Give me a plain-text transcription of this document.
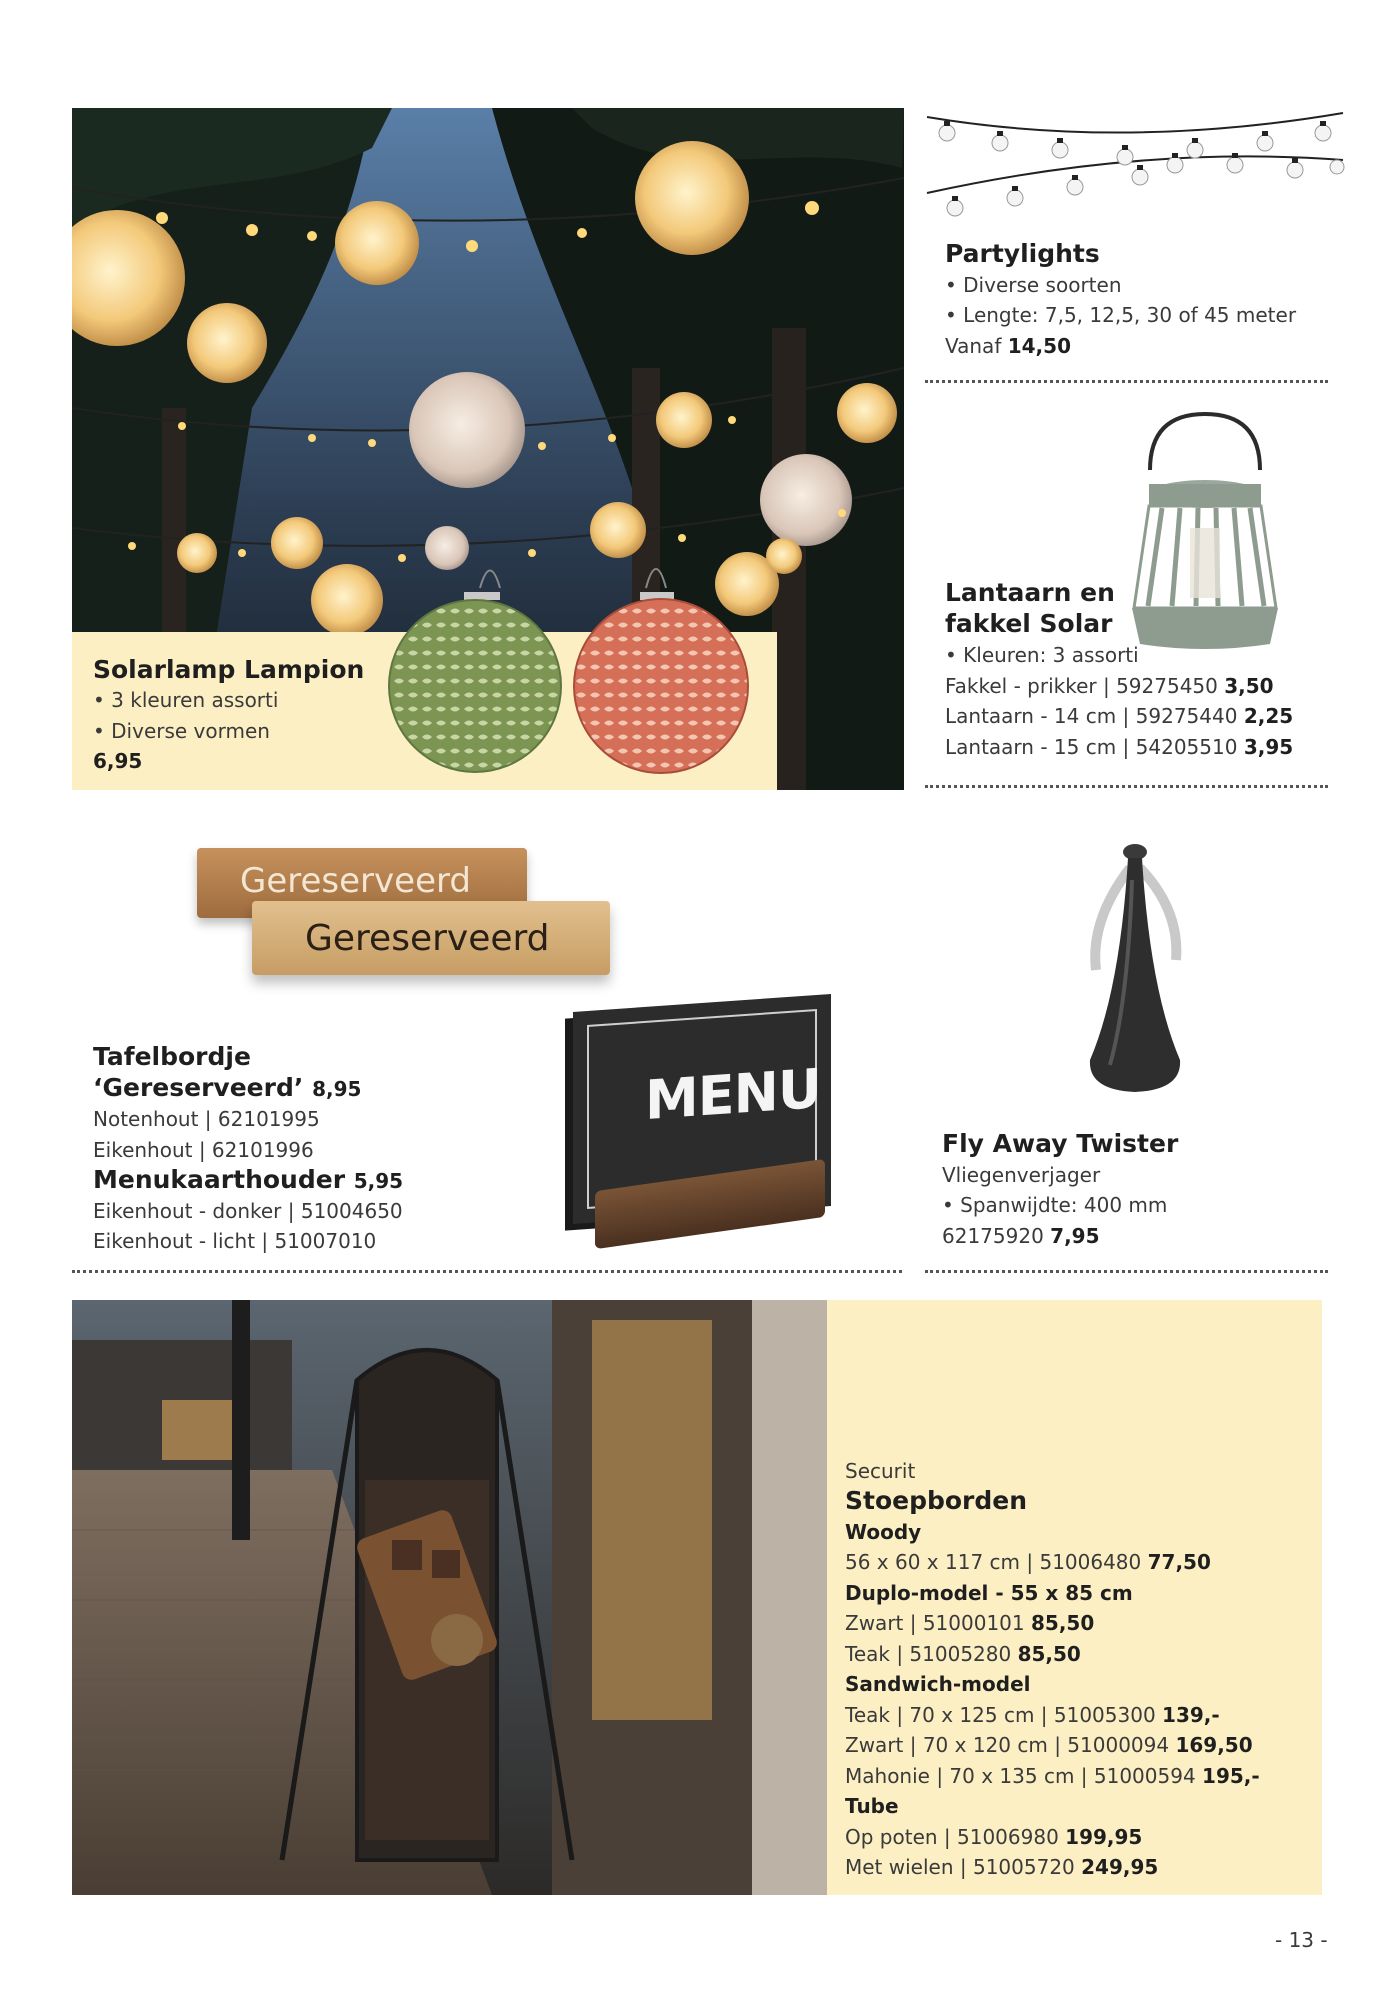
Solarlamp Lampion
• 3 kleuren assorti
• Diverse vormen
6,95
Partylights
• Diverse soorten
• Lengte: 7,5, 12,5, 30 of 45 meter
Vanaf 14,50
Lantaarn en
fakkel Solar
• Kleuren: 3 assorti
Fakkel - prikker | 59275450 3,50
Lantaarn - 14 cm | 59275440 2,25
Lantaarn - 15 cm | 54205510 3,95
Gereserveerd
Gereserveerd
Tafelbordje
‘Gereserveerd’ 8,95
Notenhout | 62101995
Eikenhout | 62101996
Menukaarthouder 5,95
Eikenhout - donker | 51004650
Eikenhout - licht | 51007010
MENU
Fly Away Twister
Vliegenverjager
• Spanwijdte: 400 mm
62175920 7,95
Securit
Stoepborden
Woody
56 x 60 x 117 cm | 51006480 77,50
Duplo-model - 55 x 85 cm
Zwart | 51000101 85,50
Teak | 51005280 85,50
Sandwich-model
Teak | 70 x 125 cm | 51005300 139,-
Zwart | 70 x 120 cm | 51000094 169,50
Mahonie | 70 x 135 cm | 51000594 195,-
Tube
Op poten | 51006980 199,95
Met wielen | 51005720 249,95
- 13 -
